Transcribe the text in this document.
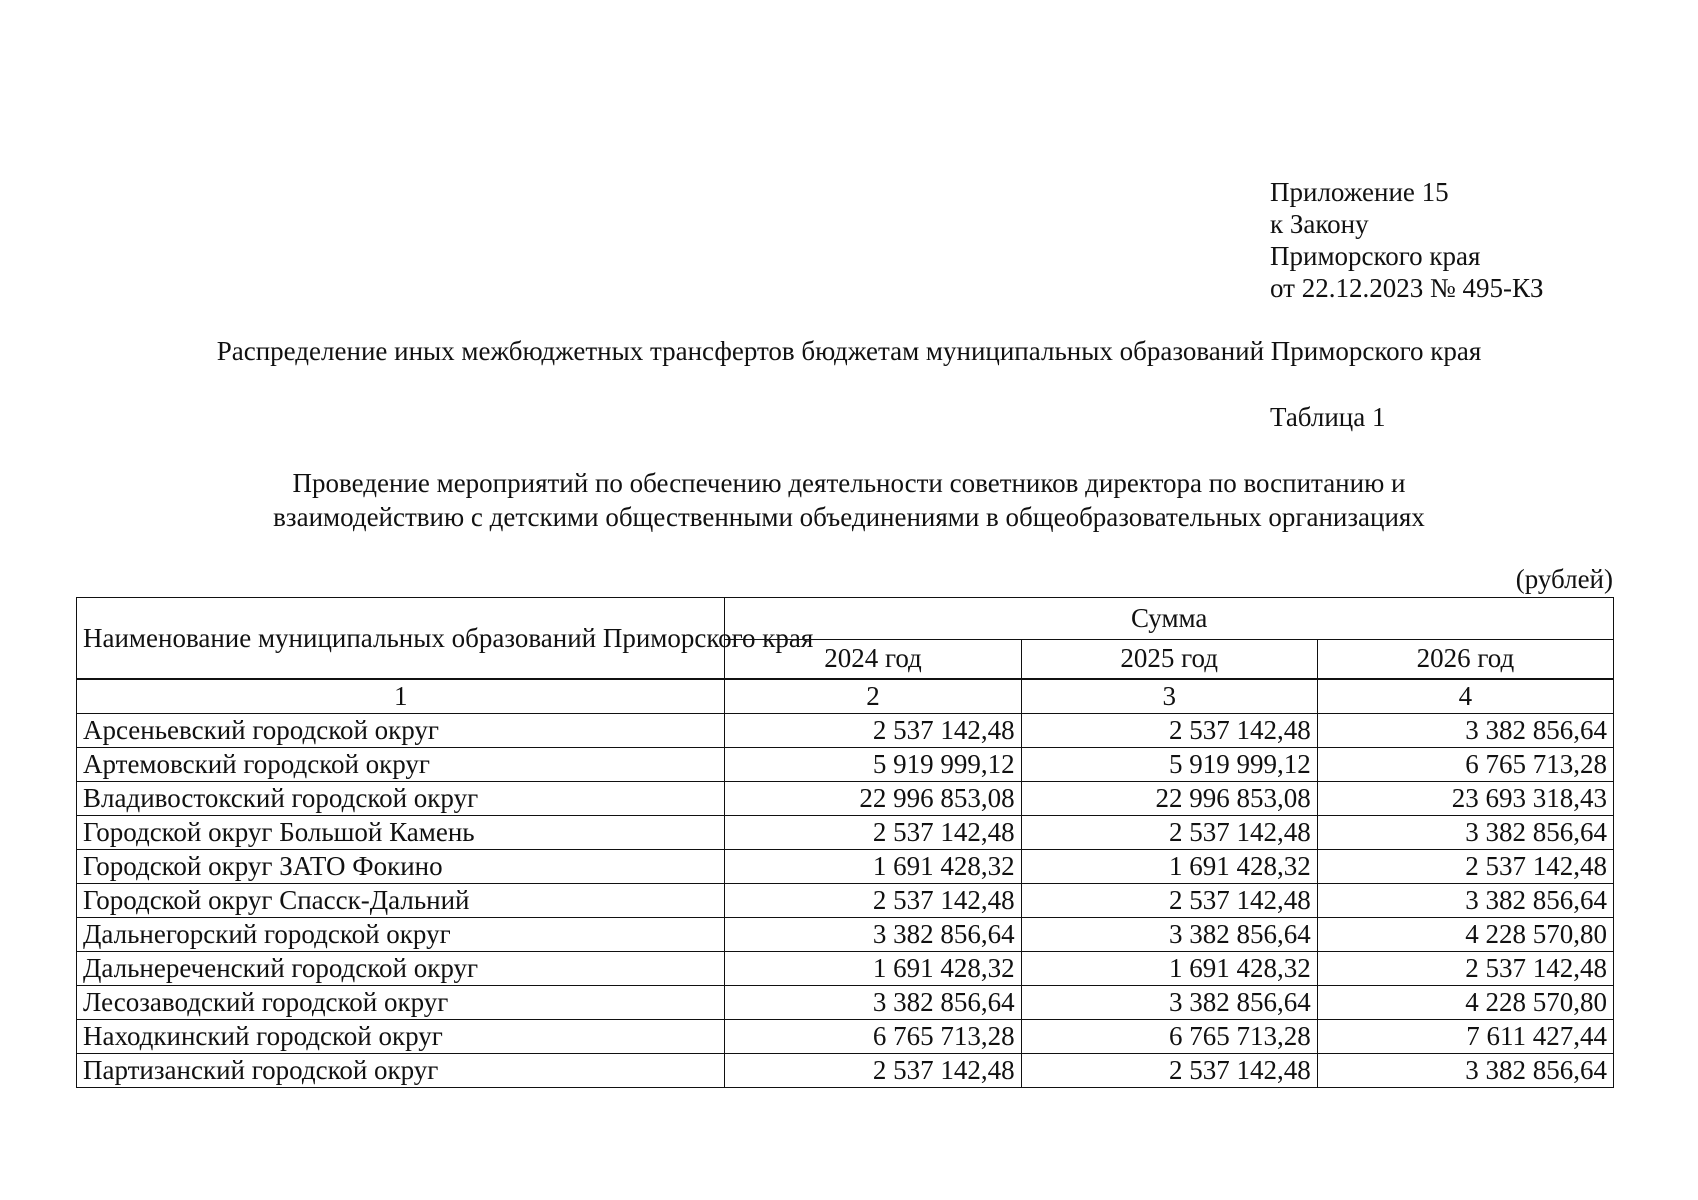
Приложение 15
к Закону
Приморского края
от 22.12.2023 № 495-КЗ
Распределение иных межбюджетных трансфертов бюджетам муниципальных образований Приморского края
Таблица 1
Проведение мероприятий по обеспечению деятельности советников директора по воспитанию и
взаимодействию с детскими общественными объединениями в общеобразовательных организациях
(рублей)
Наименование муниципальных образований Приморского края	Сумма		
	2024 год	2025 год	2026 год
1	2	3	4
Арсеньевский городской округ	2 537 142,48	2 537 142,48	3 382 856,64
Артемовский городской округ	5 919 999,12	5 919 999,12	6 765 713,28
Владивостокский городской округ	22 996 853,08	22 996 853,08	23 693 318,43
Городской округ Большой Камень	2 537 142,48	2 537 142,48	3 382 856,64
Городской округ ЗАТО Фокино	1 691 428,32	1 691 428,32	2 537 142,48
Городской округ Спасск-Дальний	2 537 142,48	2 537 142,48	3 382 856,64
Дальнегорский городской округ	3 382 856,64	3 382 856,64	4 228 570,80
Дальнереченский городской округ	1 691 428,32	1 691 428,32	2 537 142,48
Лесозаводский городской округ	3 382 856,64	3 382 856,64	4 228 570,80
Находкинский городской округ	6 765 713,28	6 765 713,28	7 611 427,44
Партизанский городской округ	2 537 142,48	2 537 142,48	3 382 856,64
